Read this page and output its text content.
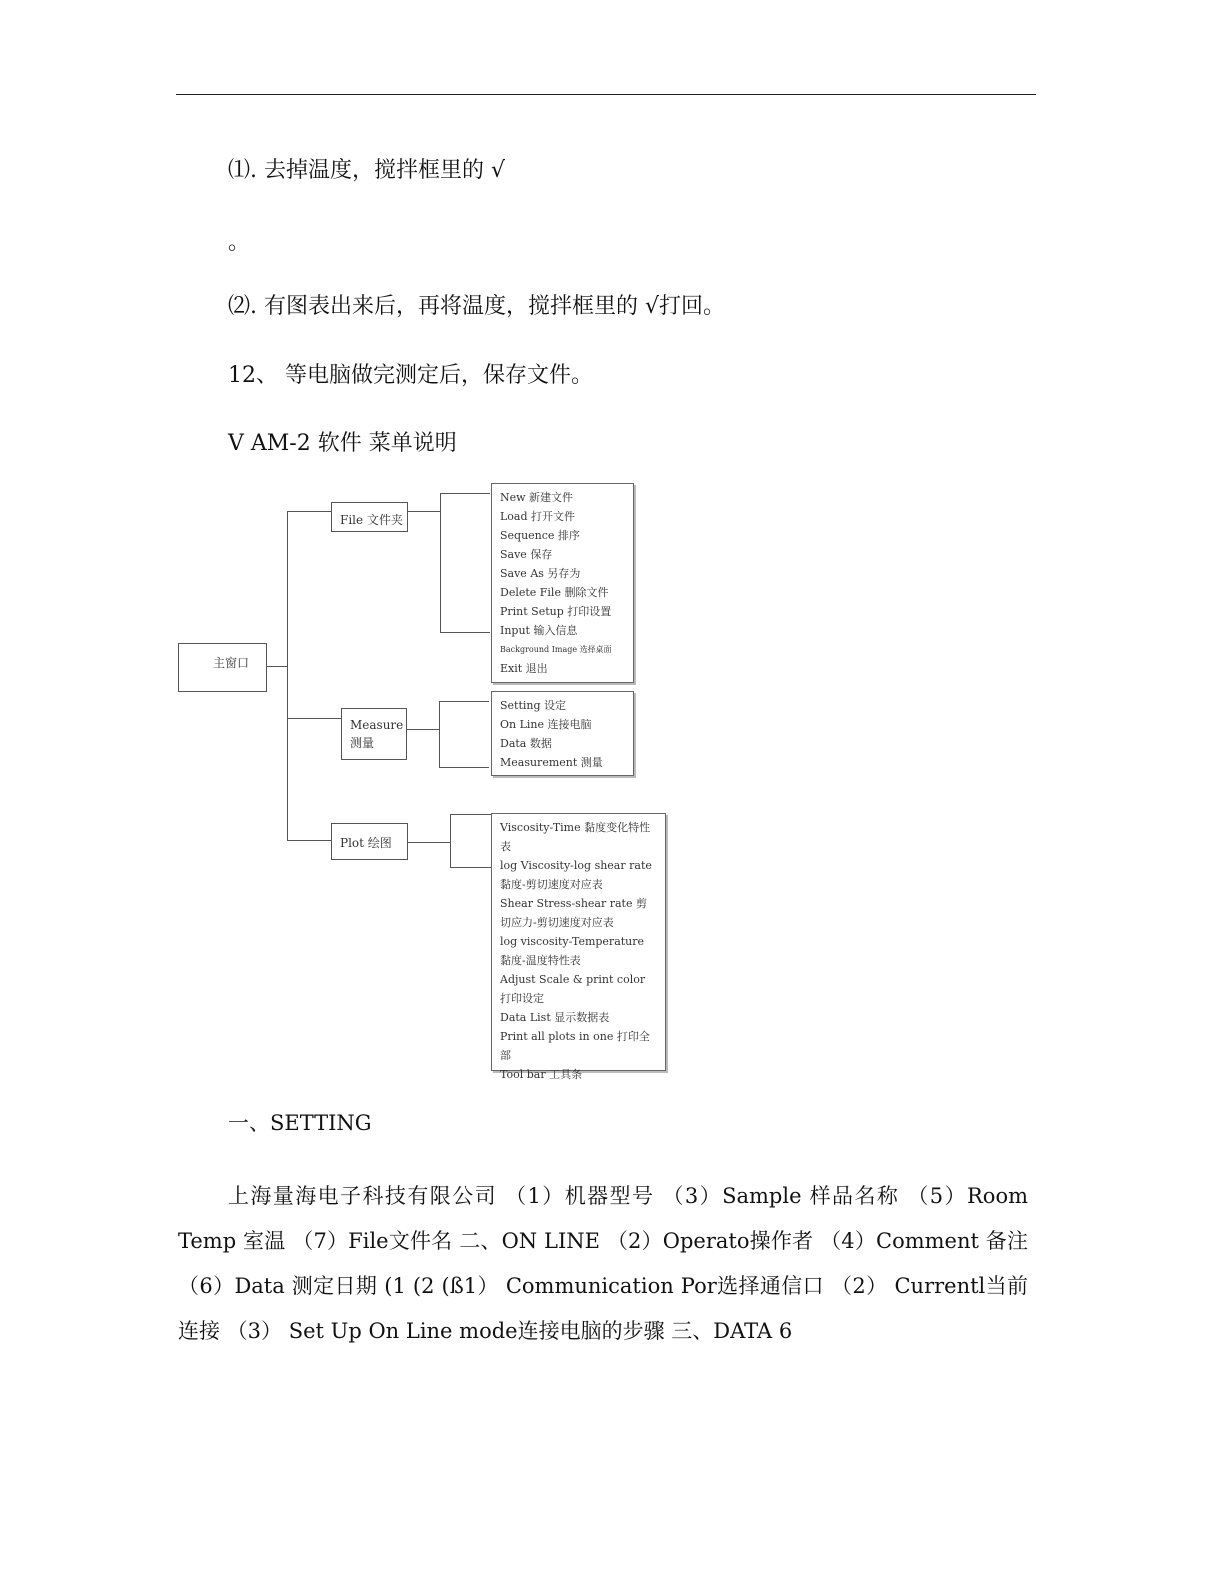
⑴. 去掉温度，搅拌框里的 √
。
⑵. 有图表出来后，再将温度，搅拌框里的 √打回。
12、 等电脑做完测定后，保存文件。
V AM-2 软件 菜单说明
主窗口
File 文件夹
Measure
测量
Plot 绘图
New 新建文件
Load 打开文件
Sequence 排序
Save 保存
Save As 另存为
Delete File 删除文件
Print Setup 打印设置
Input 输入信息
Background Image 选择桌面
Exit 退出
Setting 设定
On Line 连接电脑
Data 数据
Measurement 测量
Viscosity-Time 黏度变化特性表
log Viscosity-log shear rate 黏度-剪切速度对应表
Shear Stress-shear rate 剪切应力-剪切速度对应表
log viscosity-Temperature 黏度-温度特性表
Adjust Scale & print color 打印设定
Data List 显示数据表
Print all plots in one 打印全部
Tool bar 工具条
一、SETTING
上海量海电子科技有限公司 （1）机器型号 （3）Sample 样品名称 （5）Room Temp 室温 （7）File文件名 二、ON LINE （2）Operato操作者 （4）Comment 备注 （6）Data 测定日期 (1 (2 (ß1） Communication Por选择通信口 （2） Currentl当前连接 （3） Set Up On Line mode连接电脑的步骤 三、DATA 6
